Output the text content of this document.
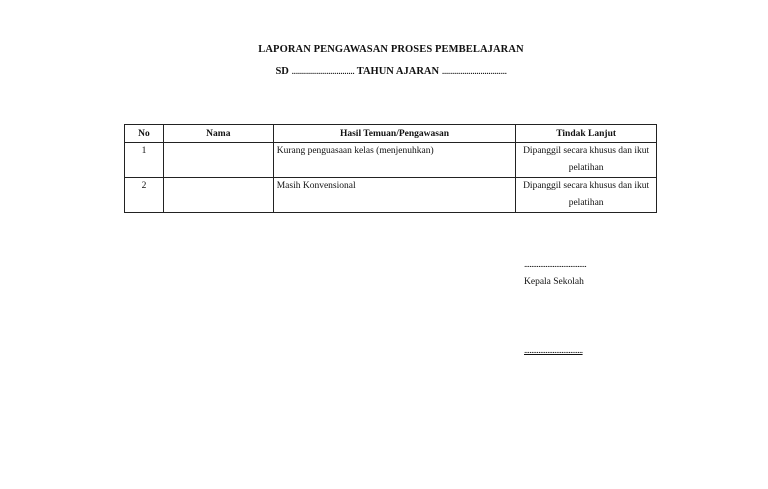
LAPORAN PENGAWASAN PROSES PEMBELAJARAN
SD ............................... TAHUN AJARAN ................................
No	Nama	Hasil Temuan/Pengawasan	Tindak Lanjut
1		Kurang penguasaan kelas (menjenuhkan)	Dipanggil secara khusus dan ikut pelatihan
2		Masih Konvensional	Dipanggil secara khusus dan ikut pelatihan
...................................
Kepala Sekolah
.................................
